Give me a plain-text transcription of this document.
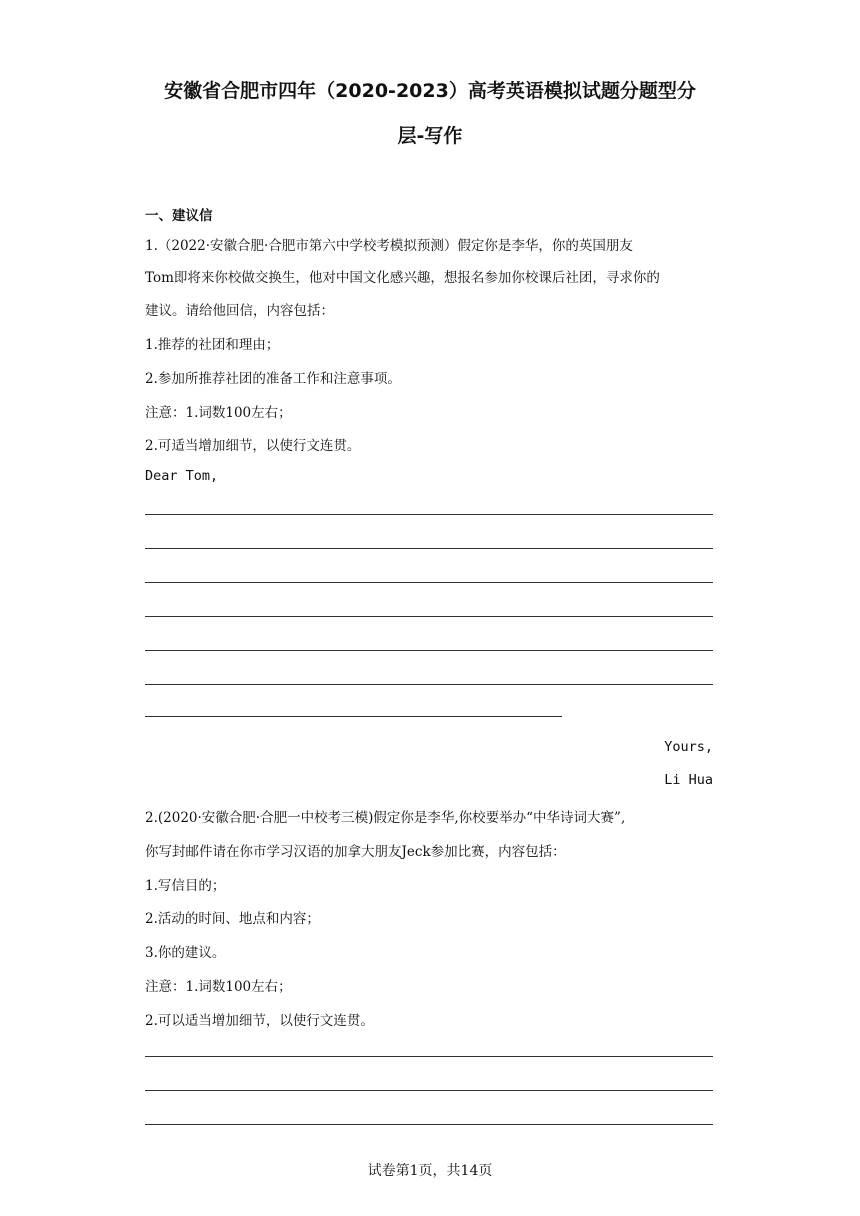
安徽省合肥市四年（2020-2023）高考英语模拟试题分题型分
层-写作
一、建议信
1.（2022·安徽合肥·合肥市第六中学校考模拟预测）假定你是李华，你的英国朋友
Tom即将来你校做交换生，他对中国文化感兴趣，想报名参加你校课后社团，寻求你的
建议。请给他回信，内容包括：
1.推荐的社团和理由；
2.参加所推荐社团的准备工作和注意事项。
注意：1.词数100左右；
2.可适当增加细节，以使行文连贯。
Dear Tom,
Yours,
Li Hua
2.(2020·安徽合肥·合肥一中校考三模)假定你是李华,你校要举办“中华诗词大赛”,
你写封邮件请在你市学习汉语的加拿大朋友Jeck参加比赛，内容包括：
1.写信目的；
2.活动的时间、地点和内容；
3.你的建议。
注意：1.词数100左右；
2.可以适当增加细节，以使行文连贯。
试卷第1页，共14页
